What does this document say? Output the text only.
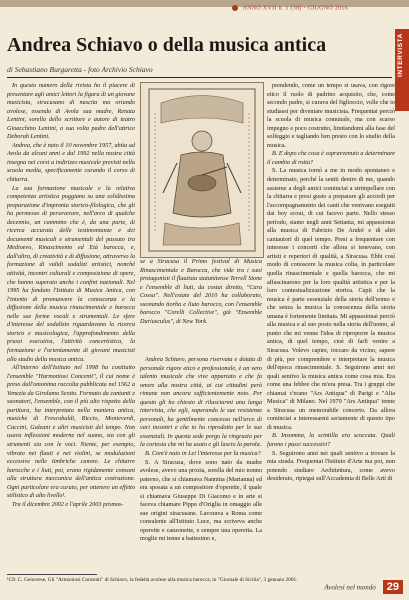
ANNO XVII n. 1 (38) - GIUGNO 2016
INTERVISTA
Andrea Schiavo o della musica antica
di Sebastiano Burgaretta - foto Archivio Schiavo

In questo numero della rivista ho il piacere di presentare agli amici lettori la figura di un giovane musicista, siracusano di nascita ma oriundo avolese, essendo di Avola sua madre, Renata Lentini, sorella dello scrittore e autore di teatro Gioacchino Lentini, a sua volta padre dell'attrice Deborah Lentini.

Andrea, che è nato il 10 novembre 1957, abita ad Avola da alcuni anni e dal 1992 nella nostra città insegna nei corsi a indirizzo musicale previsti nella scuola media, specificamente curando il corso di chitarra.

La sua formazione musicale e la relativa competenza artistica poggiano su una solidissima preparazione d'impronta storico-filologica, che gli ha permesso di perseverare, nell'arco di qualche decennio, un cammino che è, da una parte, di ricerca accurata delle testimonianze e dei documenti musicali e strumentali del passato tra Medioevo, Rinascimento ed Età barocca, e, dall'altra, di creatività e di diffusione, attraverso la formazione di validi sodalizi artistici, nonché attività, incontri culturali e composizione di opere, che hanno superato anche i confini nazionali. Nel 1995 ha fondato l'Istituto di Musica Antica, con l'intento di promuovere la conoscenza e la diffusione della musica rinascimentale e barocca nelle sue forme vocali e strumentali. Le sfere d'interesse del sodalizio riguardavano la ricerca storico e musicologica, l'approfondimento della prassi esecutiva, l'attività concertistica, la formazione e l'orientamento di giovani musicisti allo studio della musica antica.

All'interno dell'Istituto nel 1998 ha costituito l'ensemble "Harmoniosi Concenti", il cui nome è preso dall'omonima raccolta pubblicata nel 1562 a Venezia da Girolamo Scotto. Formato da cantanti e suonatori, l'ensemble, con il più alto rispetto della partitura, ha interpretato nella maniera antica, musiche di Frescobaldi, Riccio, Monteverdi, Caccini, Galeani e altri musicisti del tempo. Non usava inflessioni moderne nel suono, sia con gli strumenti sia con le voci. Niente, per esempio, vibrato nei flauti e nei violini, se modulazioni eccessive nelle timbriche canore. Le chitarre barocche e i liuti, poi, erano rigidamente consoni alla struttura meccanica dell'antica costruzione. Ogni particolare era curato, per ottenere un effetto stilistico di alto livello¹.

Tra il dicembre 2002 e l'aprile 2003 promos-

se a Siracusa il Primo festival di Musica Rinascimentale e Barocca, che vide tra i suoi protagonisti il flautista statunitense Terrell Stone e l'ensemble di liuti, da costui diretto, "Cara Cossa". Nell'estate del 2010 ha collaborato, suonando tiorba e liuto barocco, con l'ensemble barocco "Corelli Collective", già "Ensemble Duriusculus", di New York.

Andrea Schiavo, persona riservata e dotata di personale rigore etico e professionale, è un vero talento musicale che vive appartato e che fa onore alla nostra città, ai cui cittadini però rimane non ancora sufficientemente noto. Per questo gli ho chiesto di rilasciarmi una lunga intervista, che egli, superando le sue resistenze personali, ha gentilmente concesso nell'arco di vari incontri e che io ho riprodotto per le sue essenziali. In questa sede porgo la ringrazio per la cortesia che mi ha usato e gli lascio la parola.

B. Com'è nato in Lei l'interesse per la musica?

S. A Siracusa, dove sono nato da madre avolese, avevo una prozia, sorella del mio nonno paterno, che si chiamava Nannina (Marianna) ed era sposata a un compositore d'operette, il quale si chiamava Giuseppe Di Giacomo e in arte si faceva chiamare Pippo d'Origlia in omaggio alle sue origini siracusane. Lavorava a Roma come consulente all'Istituto Luce, ma scriveva anche operette e canzonette, e sempre una operetta. La moglie mi tenne a battesimo e,

prendendo, come un tempo si usava, con rigore etico il ruolo di padrino acquisito, che, come secondo padre, si curava del figlioccio, volle che io studiassi per diventare musicista. Frequentai perciò la scuola di musica comunale, ma con scarso impegno e poco costrutto, limitandomi alla fase del solfeggio e tagliando ben presto con lo studio della musica.

B. E dopo che cosa è sopravvenuto a determinare il cambio di rotta?

S. La musica tornò a me in modo spontaneo e determinato, perché la sentii dentro di me, quando assieme a degli amici cominciai a strimpellare con la chitarra e presi gusto a preparare gli accordi per l'accompagnamento dei canti che venivano eseguiti dai boy scout, di cui facevo parte. Nello stesso periodo, siamo negli anni Settanta, mi appassionai alla musica di Fabrizio De André e di altri cantautori di quel tempo. Presi a frequentare con interesse i concerti che allora si tenevano, con artisti e repertori di qualità, a Siracusa. Ebbi così modo di conoscere la musica colta, in particolare quella rinascimentale e quella barocca, che mi affascinarono per la loro qualità artistica e per la loro contestualizzazione storica. Capii che la musica è parte essenziale della storia dell'uomo e che senza la musica la conoscenza della storia umana è fortemente limitata. Mi appassionai perciò alla musica e al suo posto nella storia dell'uomo, al punto che mi venne l'idea di riproporre la musica antica, di quel tempo, cioè di farli venire a Siracusa. Volevo capire, toccare da vicino, sapere di più, per comprendere e interpretare la musica dell'epoca rinascimentale. S. Seguirono anni nei quali sentivo la musica antica come cosa mia. Era come una febbre che m'era presa. Tra i gruppi che chiamai c'erano "Ars Antiqua" di Parigi e "Alia Musica" di Milano. Nel 1979 "Ars Antiqua" tenne a Siracusa un memorabile concerto. Da allora cominciai a interessarmi seriamente di questo tipo di musica.

B. Insomma, la scintilla era scoccata. Quali furono i passi successivi?

S. Seguirono anni nei quali sentivo a trovare la mia strada. Frequentai l'Istituto d'Arte ma poi, non potendo studiare Architettura, come avevo desiderato, ripiegai sull'Accademia di Belle Arti di

¹Cfr. C. Genovese, Gli "Armoniosi Concenti" di Schiavo, la fedeltà avolese alla musica barocca, in "Giornale di Sicilia", 3 gennaio 2001.
Avolesi nel mondo 29
